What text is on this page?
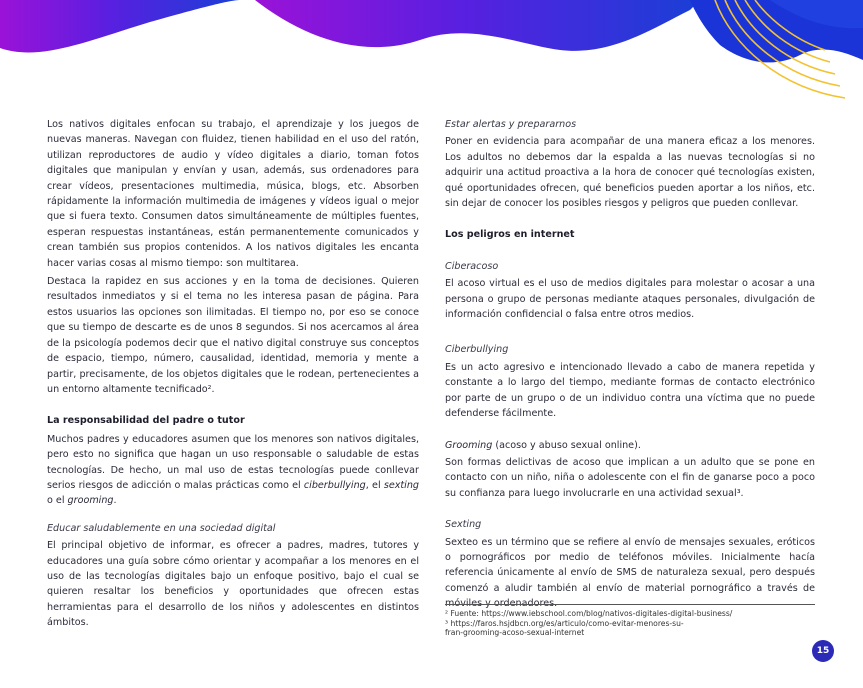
Los nativos digitales enfocan su trabajo, el aprendizaje y los juegos de nuevas maneras. Navegan con fluidez, tienen habilidad en el uso del ratón, utilizan reproductores de audio y vídeo digitales a diario, toman fotos digitales que manipulan y envían y usan, además, sus ordenadores para crear vídeos, presentaciones multimedia, música, blogs, etc. Absorben rápidamente la información multimedia de imágenes y vídeos igual o mejor que si fuera texto. Consumen datos simultáneamente de múltiples fuentes, esperan respuestas instantáneas, están permanentemente comunicados y crean también sus propios contenidos. A los nativos digitales les encanta hacer varias cosas al mismo tiempo: son multitarea.

Destaca la rapidez en sus acciones y en la toma de decisiones. Quieren resultados inmediatos y si el tema no les interesa pasan de página. Para estos usuarios las opciones son ilimitadas. El tiempo no, por eso se conoce que su tiempo de descarte es de unos 8 segundos. Si nos acercamos al área de la psicología podemos decir que el nativo digital construye sus conceptos de espacio, tiempo, número, causalidad, identidad, memoria y mente a partir, precisamente, de los objetos digitales que le rodean, pertenecientes a un entorno altamente tecnificado².

La responsabilidad del padre o tutor

Muchos padres y educadores asumen que los menores son nativos digitales, pero esto no significa que hagan un uso responsable o saludable de estas tecnologías. De hecho, un mal uso de estas tecnologías puede conllevar serios riesgos de adicción o malas prácticas como el ciberbullying, el sexting o el grooming.

Educar saludablemente en una sociedad digital

El principal objetivo de informar, es ofrecer a padres, madres, tutores y educadores una guía sobre cómo orientar y acompañar a los menores en el uso de las tecnologías digitales bajo un enfoque positivo, bajo el cual se quieren resaltar los beneficios y oportunidades que ofrecen estas herramientas para el desarrollo de los niños y adolescentes en distintos ámbitos.

Estar alertas y prepararnos

Poner en evidencia para acompañar de una manera eficaz a los menores. Los adultos no debemos dar la espalda a las nuevas tecnologías si no adquirir una actitud proactiva a la hora de conocer qué tecnologías existen, qué oportunidades ofrecen, qué beneficios pueden aportar a los niños, etc. sin dejar de conocer los posibles riesgos y peligros que pueden conllevar.

Los peligros en internet

Ciberacoso

El acoso virtual es el uso de medios digitales para molestar o acosar a una persona o grupo de personas mediante ataques personales, divulgación de información confidencial o falsa entre otros medios.

Ciberbullying

Es un acto agresivo e intencionado llevado a cabo de manera repetida y constante a lo largo del tiempo, mediante formas de contacto electrónico por parte de un grupo o de un individuo contra una víctima que no puede defenderse fácilmente.

Grooming (acoso y abuso sexual online).

Son formas delictivas de acoso que implican a un adulto que se pone en contacto con un niño, niña o adolescente con el fin de ganarse poco a poco su confianza para luego involucrarle en una actividad sexual³.

Sexting

Sexteo es un término que se refiere al envío de mensajes sexuales, eróticos o pornográficos por medio de teléfonos móviles. Inicialmente hacía referencia únicamente al envío de SMS de naturaleza sexual, pero después comenzó a aludir también al envío de material pornográfico a través de móviles y ordenadores.

² Fuente: https://www.iebschool.com/blog/nativos-digitales-digital-business/
³ https://faros.hsjdbcn.org/es/articulo/como-evitar-menores-su-
fran-grooming-acoso-sexual-internet
15
